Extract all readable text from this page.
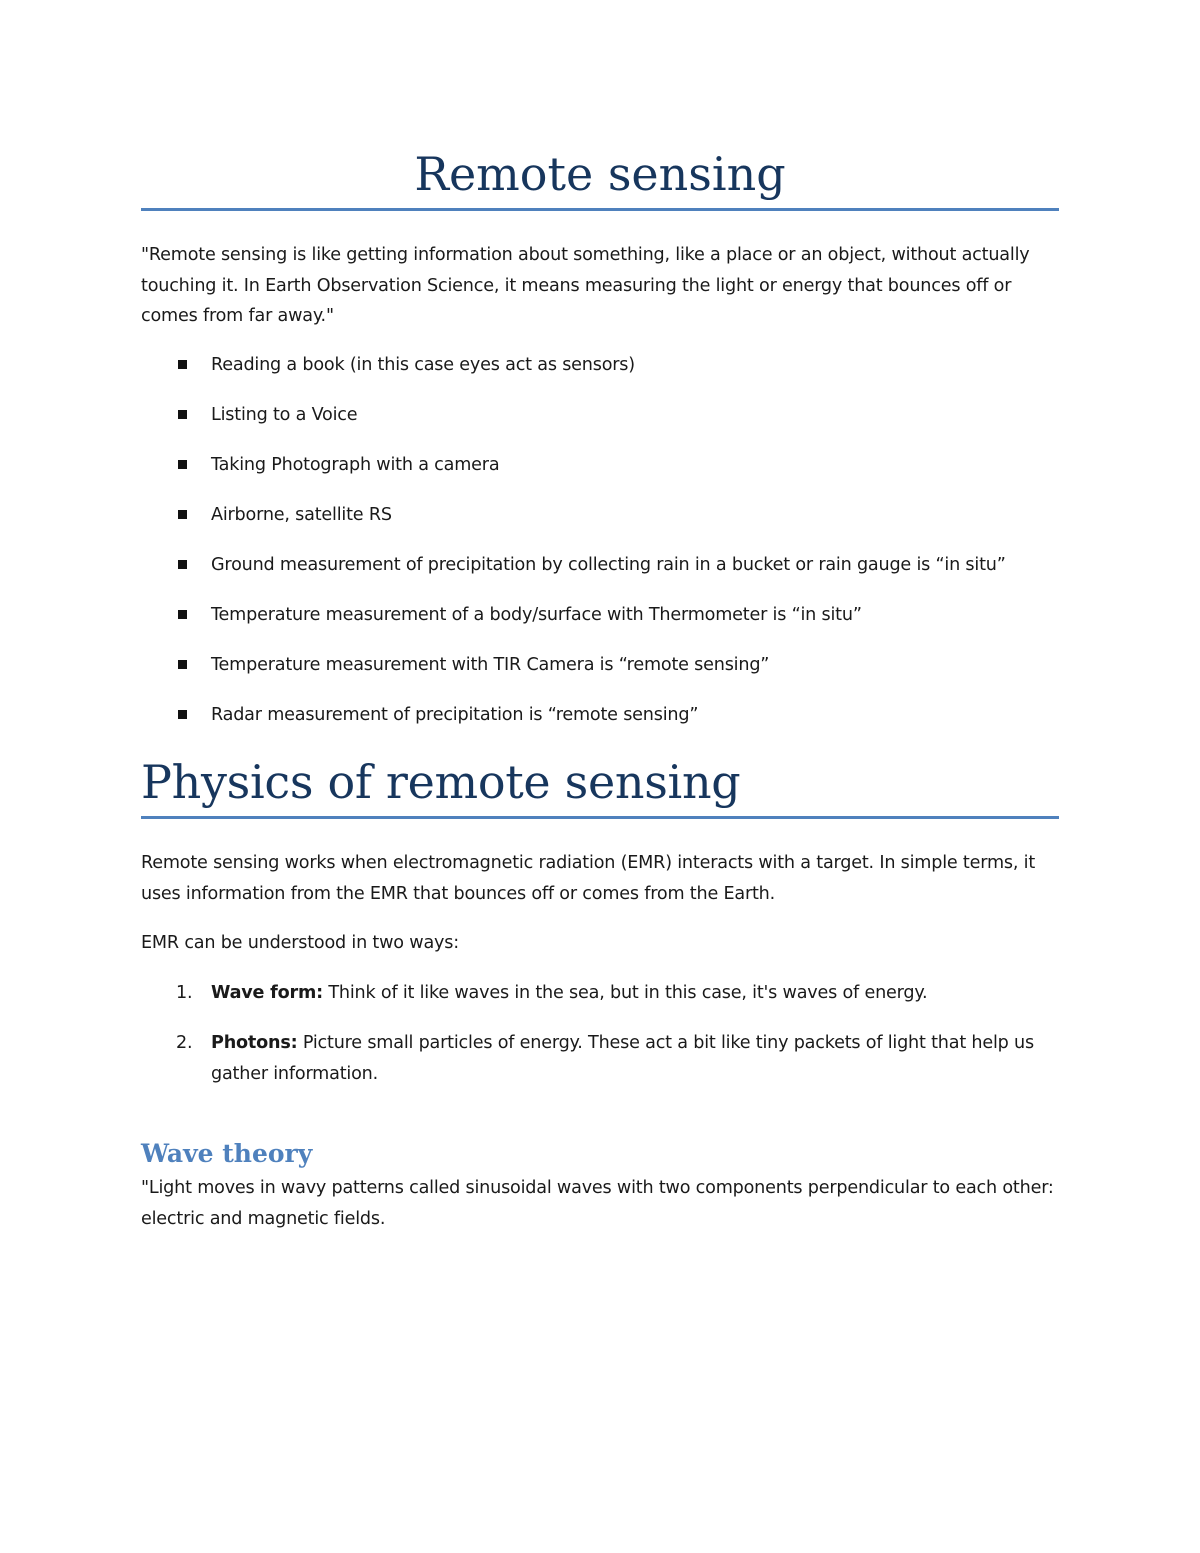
Remote sensing

"Remote sensing is like getting information about something, like a place or an object, without actually touching it. In Earth Observation Science, it means measuring the light or energy that bounces off or comes from far away."

Reading a book (in this case eyes act as sensors)
Listing to a Voice
Taking Photograph with a camera
Airborne, satellite RS
Ground measurement of precipitation by collecting rain in a bucket or rain gauge is “in situ”
Temperature measurement of a body/surface with Thermometer is “in situ”
Temperature measurement with TIR Camera is “remote sensing”
Radar measurement of precipitation is “remote sensing”
Physics of remote sensing

Remote sensing works when electromagnetic radiation (EMR) interacts with a target. In simple terms, it uses information from the EMR that bounces off or comes from the Earth.

EMR can be understood in two ways:

1. Wave form: Think of it like waves in the sea, but in this case, it's waves of energy.
2. Photons: Picture small particles of energy. These act a bit like tiny packets of light that help us gather information.
Wave theory

"Light moves in wavy patterns called sinusoidal waves with two components perpendicular to each other: electric and magnetic fields.
